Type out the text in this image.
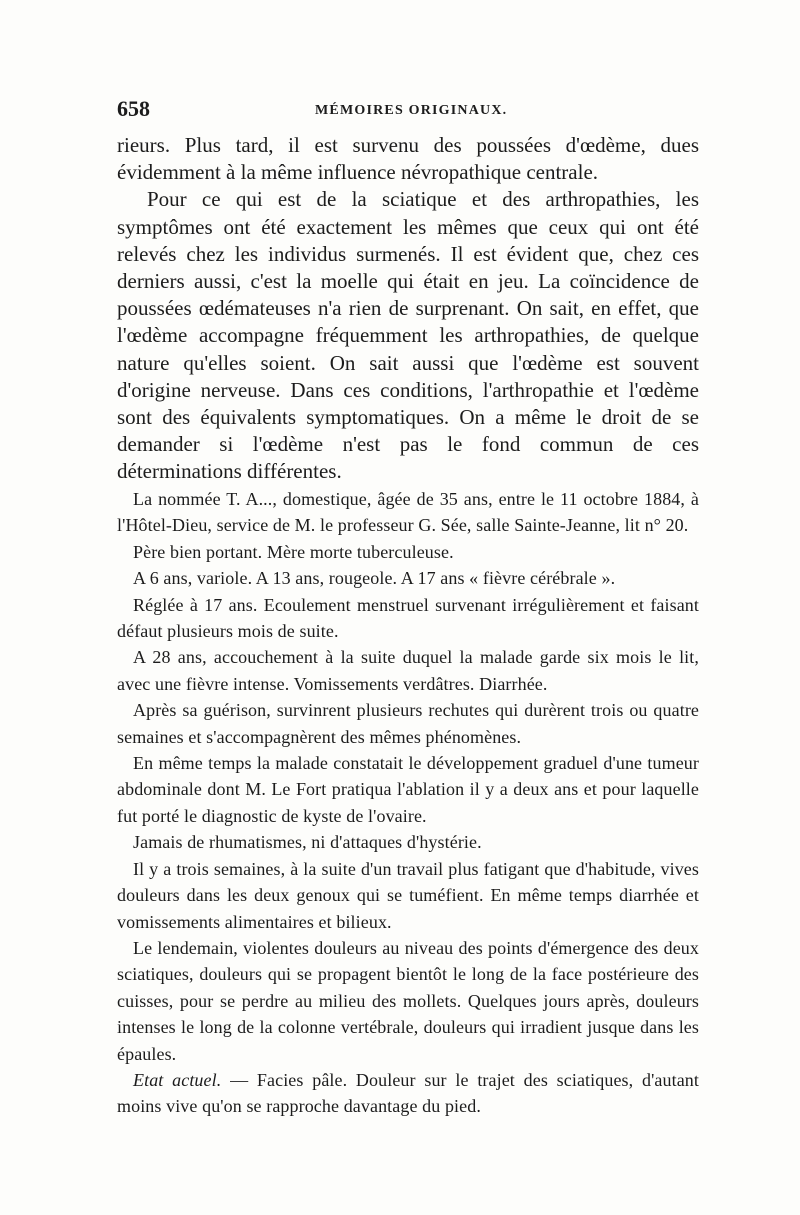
658	MÉMOIRES ORIGINAUX.

rieurs. Plus tard, il est survenu des poussées d'œdème, dues évidemment à la même influence névropathique centrale.

Pour ce qui est de la sciatique et des arthropathies, les symptômes ont été exactement les mêmes que ceux qui ont été relevés chez les individus surmenés. Il est évident que, chez ces derniers aussi, c'est la moelle qui était en jeu. La coïncidence de poussées œdémateuses n'a rien de surprenant. On sait, en effet, que l'œdème accompagne fréquemment les arthropathies, de quelque nature qu'elles soient. On sait aussi que l'œdème est souvent d'origine nerveuse. Dans ces conditions, l'arthropathie et l'œdème sont des équivalents symptomatiques. On a même le droit de se demander si l'œdème n'est pas le fond commun de ces déterminations différentes.

La nommée T. A..., domestique, âgée de 35 ans, entre le 11 octobre 1884, à l'Hôtel-Dieu, service de M. le professeur G. Sée, salle Sainte-Jeanne, lit n° 20.

Père bien portant. Mère morte tuberculeuse.

A 6 ans, variole. A 13 ans, rougeole. A 17 ans « fièvre cérébrale ».

Réglée à 17 ans. Ecoulement menstruel survenant irrégulièrement et faisant défaut plusieurs mois de suite.

A 28 ans, accouchement à la suite duquel la malade garde six mois le lit, avec une fièvre intense. Vomissements verdâtres. Diarrhée.

Après sa guérison, survinrent plusieurs rechutes qui durèrent trois ou quatre semaines et s'accompagnèrent des mêmes phénomènes.

En même temps la malade constatait le développement graduel d'une tumeur abdominale dont M. Le Fort pratiqua l'ablation il y a deux ans et pour laquelle fut porté le diagnostic de kyste de l'ovaire.

Jamais de rhumatismes, ni d'attaques d'hystérie.

Il y a trois semaines, à la suite d'un travail plus fatigant que d'habitude, vives douleurs dans les deux genoux qui se tuméfient. En même temps diarrhée et vomissements alimentaires et bilieux.

Le lendemain, violentes douleurs au niveau des points d'émergence des deux sciatiques, douleurs qui se propagent bientôt le long de la face postérieure des cuisses, pour se perdre au milieu des mollets. Quelques jours après, douleurs intenses le long de la colonne vertébrale, douleurs qui irradient jusque dans les épaules.

Etat actuel. — Facies pâle. Douleur sur le trajet des sciatiques, d'autant moins vive qu'on se rapproche davantage du pied.
